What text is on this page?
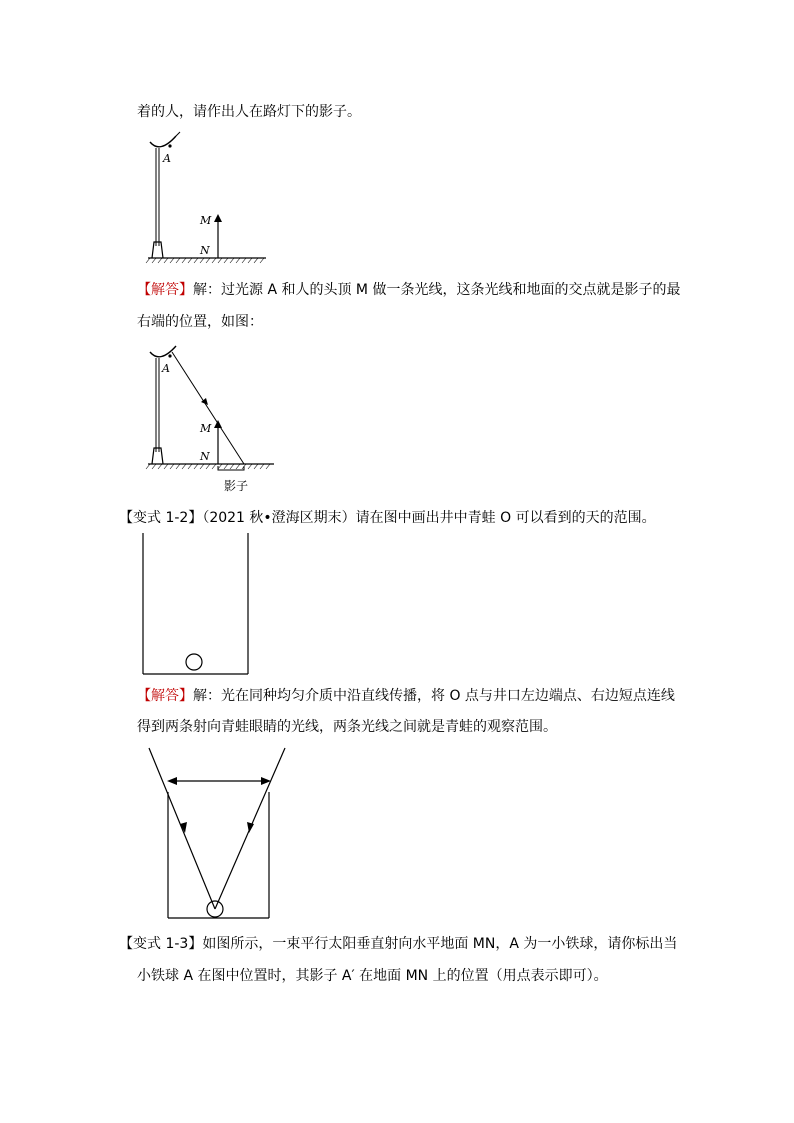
着的人，请作出人在路灯下的影子。
A
M
N
【解答】解：过光源 A 和人的头顶 M 做一条光线，这条光线和地面的交点就是影子的最
右端的位置，如图：
A
M
N
影子
【变式 1-2】（2021 秋•澄海区期末）请在图中画出井中青蛙 O 可以看到的天的范围。
【解答】解：光在同种均匀介质中沿直线传播，将 O 点与井口左边端点、右边短点连线
得到两条射向青蛙眼睛的光线，两条光线之间就是青蛙的观察范围。
【变式 1-3】如图所示，一束平行太阳垂直射向水平地面 MN，A 为一小铁球，请你标出当
小铁球 A 在图中位置时，其影子 A′ 在地面 MN 上的位置（用点表示即可）。
